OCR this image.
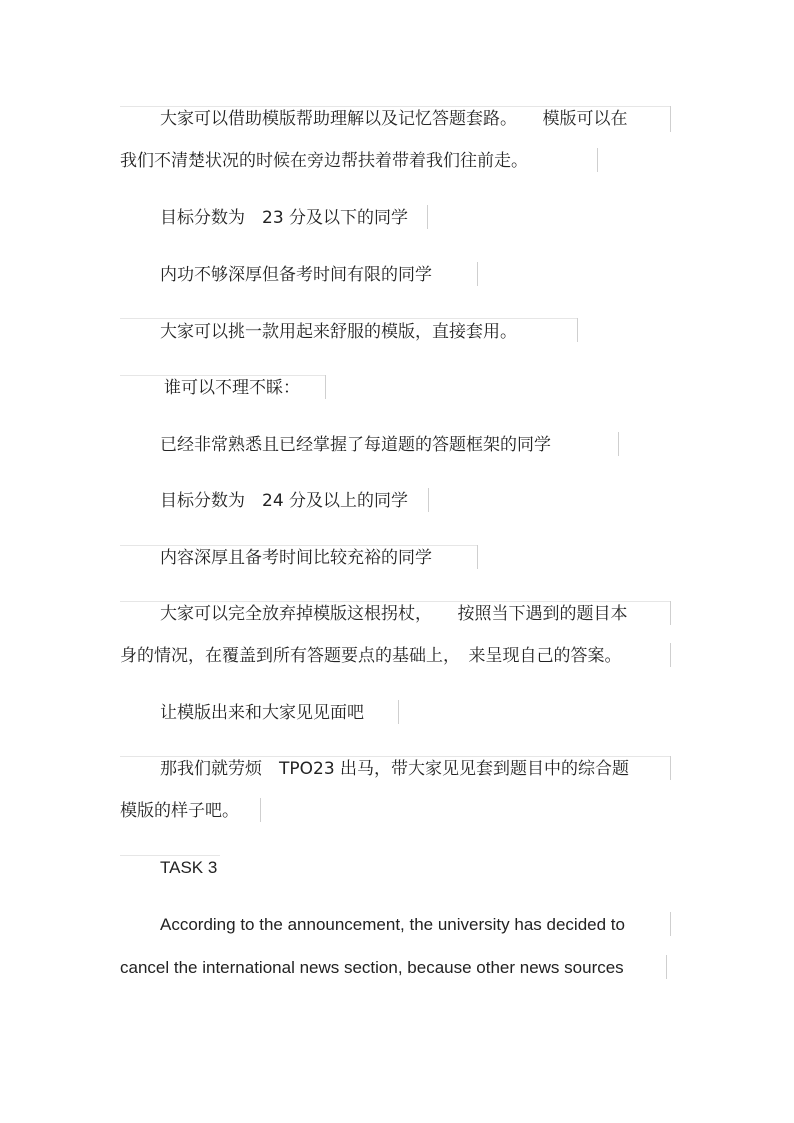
大家可以借助模版帮助理解以及记忆答题套路。　　模版可以在
我们不清楚状况的时候在旁边帮扶着带着我们往前走。
目标分数为　23 分及以下的同学
内功不够深厚但备考时间有限的同学
大家可以挑一款用起来舒服的模版，直接套用。
谁可以不理不睬：
已经非常熟悉且已经掌握了每道题的答题框架的同学
目标分数为　24 分及以上的同学
内容深厚且备考时间比较充裕的同学
大家可以完全放弃掉模版这根拐杖，　　按照当下遇到的题目本
身的情况，在覆盖到所有答题要点的基础上，　来呈现自己的答案。
让模版出来和大家见见面吧
那我们就劳烦　TPO23 出马，带大家见见套到题目中的综合题
模版的样子吧。
TASK 3
According to the announcement, the university has decided to
cancel the international news section, because other news sources
